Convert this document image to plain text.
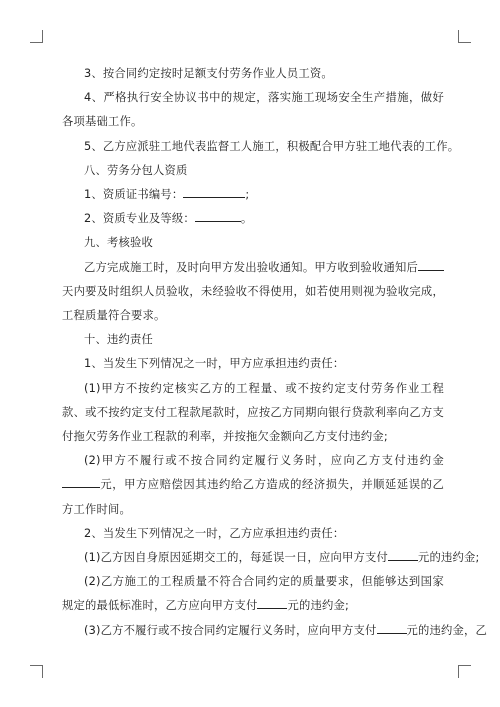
3、按合同约定按时足额支付劳务作业人员工资。

4、严格执行安全协议书中的规定，落实施工现场安全生产措施，做好各项基础工作。

5、乙方应派驻工地代表监督工人施工，积极配合甲方驻工地代表的工作。

八、劳务分包人资质

1、资质证书编号：	;

2、资质专业及等级：	。

九、考核验收

乙方完成施工时，及时向甲方发出验收通知。甲方收到验收通知后天内要及时组织人员验收，未经验收不得使用，如若使用则视为验收完成，工程质量符合要求。

十、违约责任

1、当发生下列情况之一时，甲方应承担违约责任：

(1)甲方不按约定核实乙方的工程量、或不按约定支付劳务作业工程款、或不按约定支付工程款尾款时，应按乙方同期向银行贷款利率向乙方支付拖欠劳务作业工程款的利率，并按拖欠金额向乙方支付违约金;

(2)甲方不履行或不按合同约定履行义务时，应向乙方支付违约金元，甲方应赔偿因其违约给乙方造成的经济损失，并顺延延误的乙方工作时间。

2、当发生下列情况之一时，乙方应承担违约责任：

(1)乙方因自身原因延期交工的，每延误一日，应向甲方支付	元的违约金;

(2)乙方施工的工程质量不符合合同约定的质量要求，但能够达到国家规定的最低标准时，乙方应向甲方支付	元的违约金;

(3)乙方不履行或不按合同约定履行义务时，应向甲方支付	元的违约金，乙
